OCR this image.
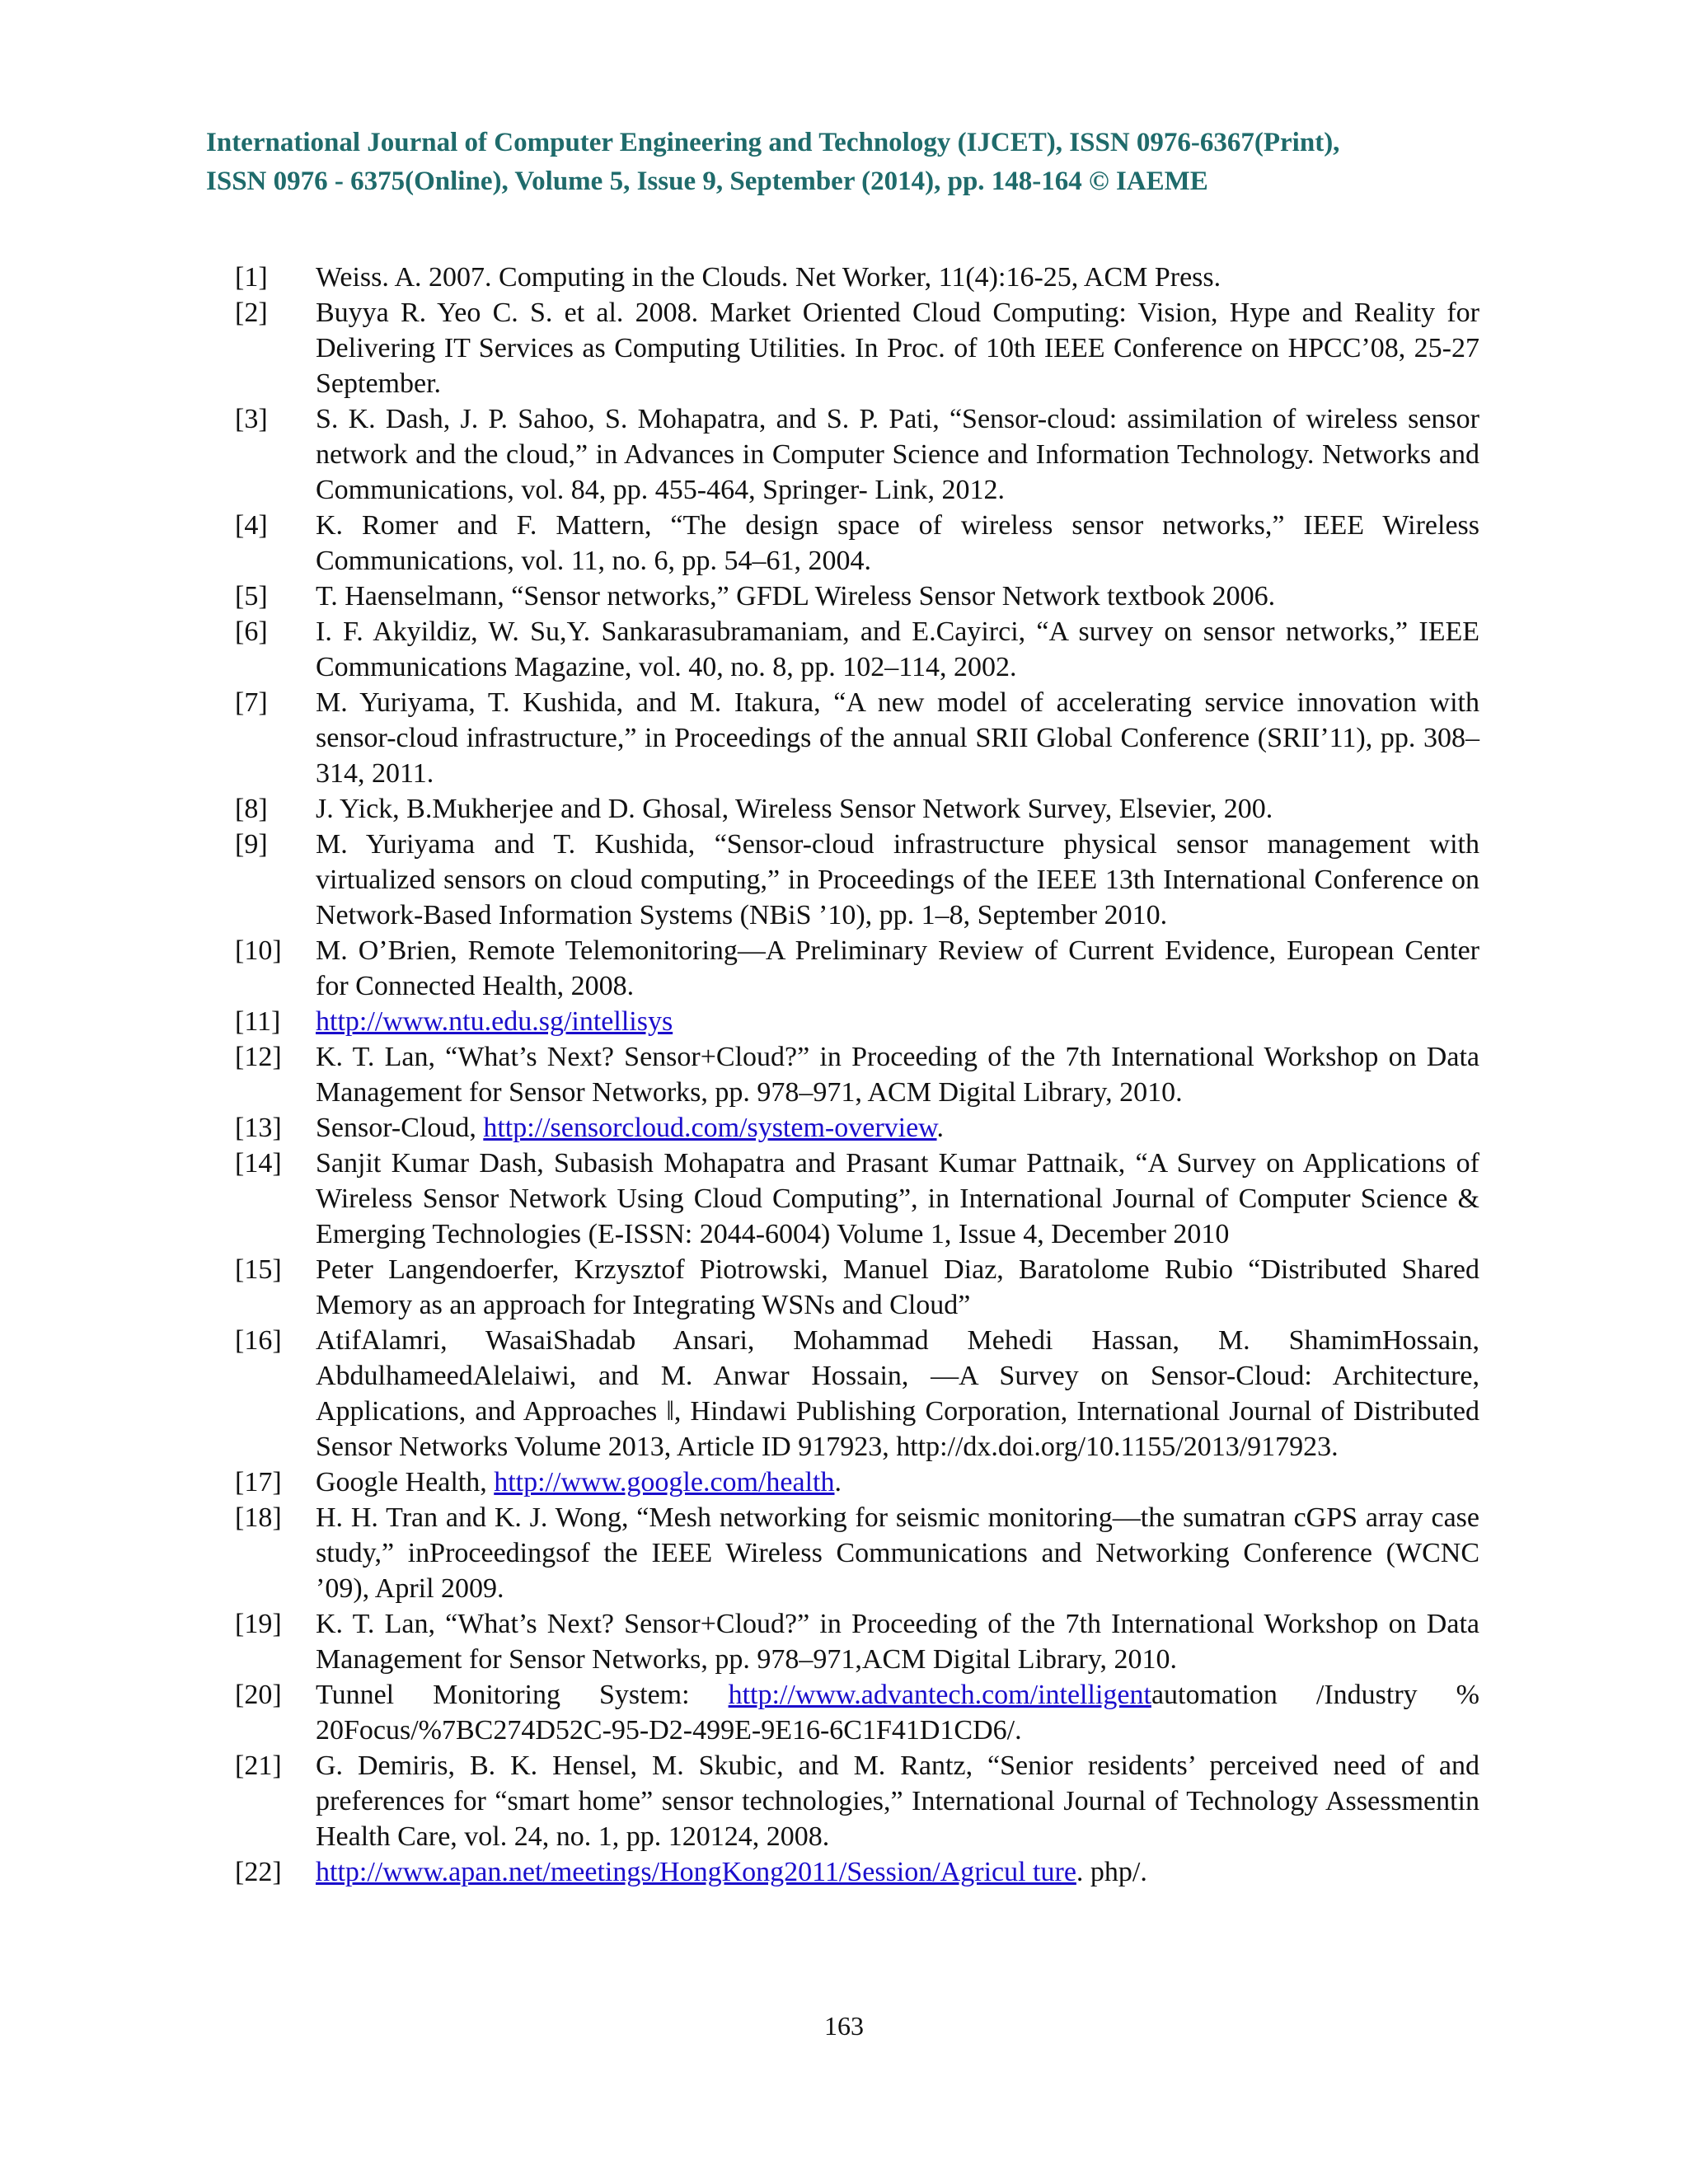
International Journal of Computer Engineering and Technology (IJCET), ISSN 0976-6367(Print),
ISSN 0976 - 6375(Online), Volume 5, Issue 9, September (2014), pp. 148-164 © IAEME
[1]	Weiss. A. 2007. Computing in the Clouds. Net Worker, 11(4):16-25, ACM Press.
[2]	Buyya R. Yeo C. S. et al. 2008. Market Oriented Cloud Computing: Vision, Hype and Reality for Delivering IT Services as Computing Utilities. In Proc. of 10th IEEE Conference on HPCC’08, 25-27 September.
[3]	S. K. Dash, J. P. Sahoo, S. Mohapatra, and S. P. Pati, “Sensor-cloud: assimilation of wireless sensor network and the cloud,” in Advances in Computer Science and Information Technology. Networks and Communications, vol. 84, pp. 455-464, Springer- Link, 2012.
[4]	K. Romer and F. Mattern, “The design space of wireless sensor networks,” IEEE Wireless Communications, vol. 11, no. 6, pp. 54–61, 2004.
[5]	T. Haenselmann, “Sensor networks,” GFDL Wireless Sensor Network textbook 2006.
[6]	I. F. Akyildiz, W. Su,Y. Sankarasubramaniam, and E.Cayirci, “A survey on sensor networks,” IEEE Communications Magazine, vol. 40, no. 8, pp. 102–114, 2002.
[7]	M. Yuriyama, T. Kushida, and M. Itakura, “A new model of accelerating service innovation with sensor-cloud infrastructure,” in Proceedings of the annual SRII Global Conference (SRII’11), pp. 308–314, 2011.
[8]	J. Yick, B.Mukherjee and D. Ghosal, Wireless Sensor Network Survey, Elsevier, 200.
[9]	M. Yuriyama and T. Kushida, “Sensor-cloud infrastructure physical sensor management with virtualized sensors on cloud computing,” in Proceedings of the IEEE 13th International Conference on Network-Based Information Systems (NBiS ’10), pp. 1–8, September 2010.
[10]	M. O’Brien, Remote Telemonitoring—A Preliminary Review of Current Evidence, European Center for Connected Health, 2008.
[11]	http://www.ntu.edu.sg/intellisys
[12]	K. T. Lan, “What’s Next? Sensor+Cloud?” in Proceeding of the 7th International Workshop on Data Management for Sensor Networks, pp. 978–971, ACM Digital Library, 2010.
[13]	Sensor-Cloud, http://sensorcloud.com/system-overview.
[14]	Sanjit Kumar Dash, Subasish Mohapatra and Prasant Kumar Pattnaik, “A Survey on Applications of Wireless Sensor Network Using Cloud Computing”, in International Journal of Computer Science & Emerging Technologies (E-ISSN: 2044-6004) Volume 1, Issue 4, December 2010
[15]	Peter Langendoerfer, Krzysztof Piotrowski, Manuel Diaz, Baratolome Rubio “Distributed Shared Memory as an approach for Integrating WSNs and Cloud”
[16]	AtifAlamri, WasaiShadab Ansari, Mohammad Mehedi Hassan, M. ShamimHossain, AbdulhameedAlelaiwi, and M. Anwar Hossain, ―A Survey on Sensor-Cloud: Architecture, Applications, and Approaches ‖, Hindawi Publishing Corporation, International Journal of Distributed Sensor Networks Volume 2013, Article ID 917923, http://dx.doi.org/10.1155/2013/917923.
[17]	Google Health, http://www.google.com/health.
[18]	H. H. Tran and K. J. Wong, “Mesh networking for seismic monitoring—the sumatran cGPS array case study,” inProceedingsof the IEEE Wireless Communications and Networking Conference (WCNC ’09), April 2009.
[19]	K. T. Lan, “What’s Next? Sensor+Cloud?” in Proceeding of the 7th International Workshop on Data Management for Sensor Networks, pp. 978–971,ACM Digital Library, 2010.
[20]	Tunnel Monitoring System: http://www.advantech.com/intelligentautomation /Industry % 20Focus/%7BC274D52C-95-D2-499E-9E16-6C1F41D1CD6/.
[21]	G. Demiris, B. K. Hensel, M. Skubic, and M. Rantz, “Senior residents’ perceived need of and preferences for “smart home” sensor technologies,” International Journal of Technology Assessmentin Health Care, vol. 24, no. 1, pp. 120124, 2008.
[22]	http://www.apan.net/meetings/HongKong2011/Session/Agricul ture. php/.
163
